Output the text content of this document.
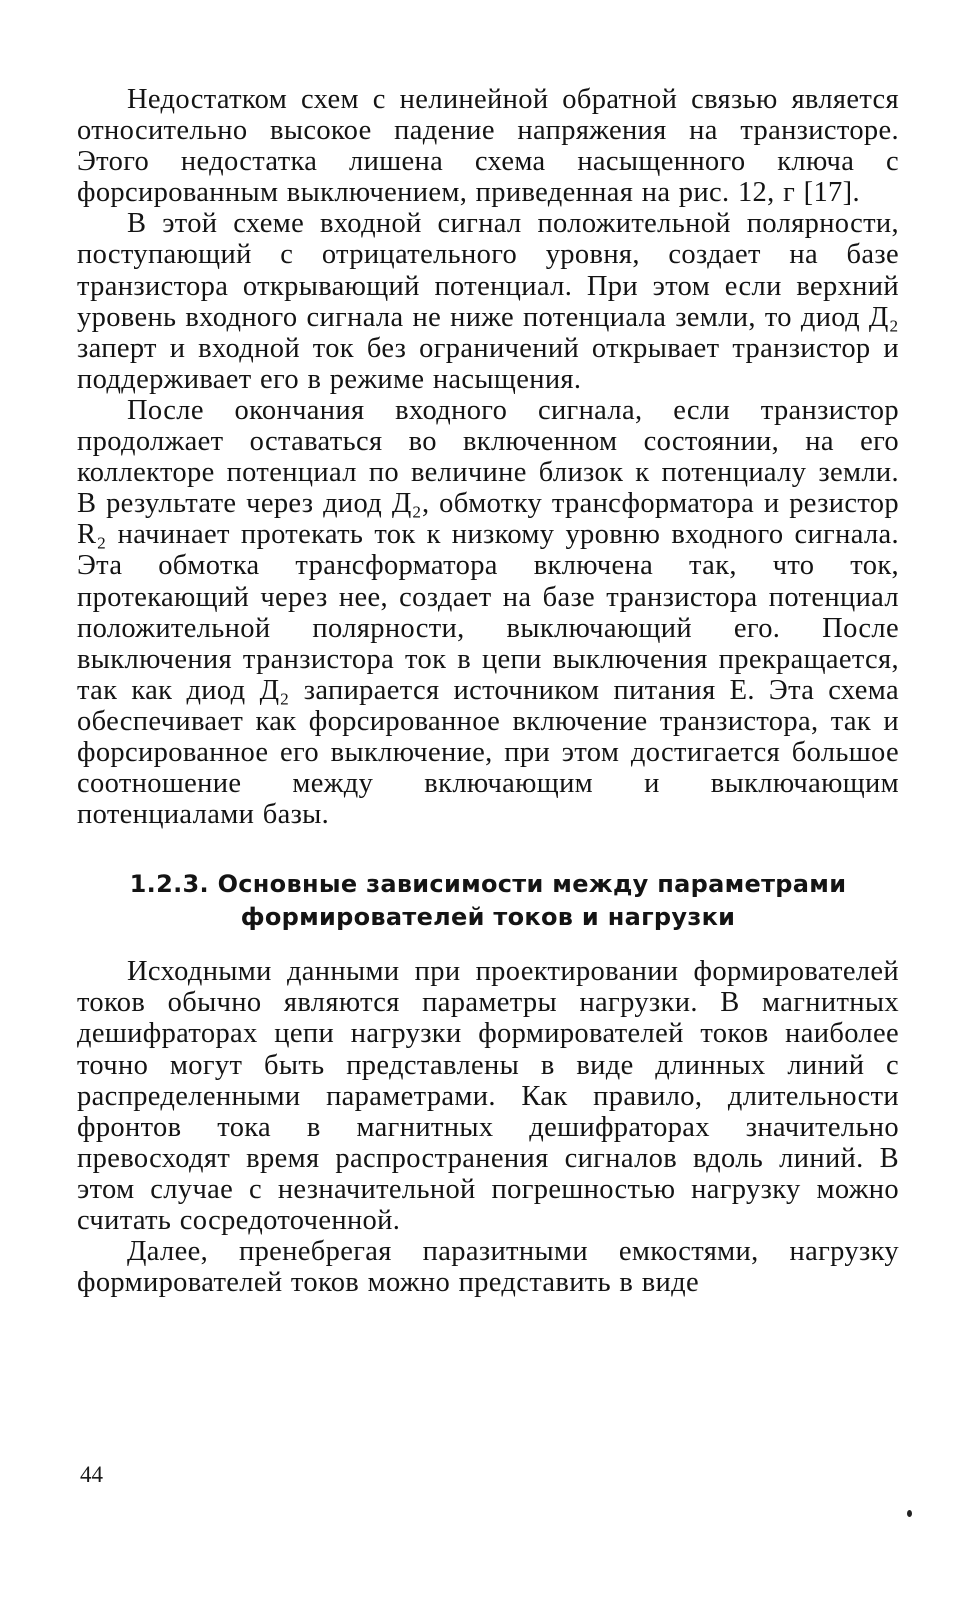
Недостатком схем с нелинейной обратной связью является относительно высокое падение напряжения на транзисторе. Этого недостатка лишена схема насыщенного ключа с форсированным выключением, приведенная на рис. 12, г [17].

В этой схеме входной сигнал положительной полярности, поступающий с отрицательного уровня, создает на базе транзистора открывающий потенциал. При этом если верхний уровень входного сигнала не ниже потенциала земли, то диод Д₂ заперт и входной ток без ограничений открывает транзистор и поддерживает его в режиме насыщения.

После окончания входного сигнала, если транзистор продолжает оставаться во включенном состоянии, на его коллекторе потенциал по величине близок к потенциалу земли. В результате через диод Д₂, обмотку трансформатора и резистор R₂ начинает протекать ток к низкому уровню входного сигнала. Эта обмотка трансформатора включена так, что ток, протекающий через нее, создает на базе транзистора потенциал положительной полярности, выключающий его. После выключения транзистора ток в цепи выключения прекращается, так как диод Д₂ запирается источником питания E. Эта схема обеспечивает как форсированное включение транзистора, так и форсированное его выключение, при этом достигается большое соотношение между включающим и выключающим потенциалами базы.

1.2.3. Основные зависимости между параметрами
формирователей токов и нагрузки

Исходными данными при проектировании формирователей токов обычно являются параметры нагрузки. В магнитных дешифраторах цепи нагрузки формирователей токов наиболее точно могут быть представлены в виде длинных линий с распределенными параметрами. Как правило, длительности фронтов тока в магнитных дешифраторах значительно превосходят время распространения сигналов вдоль линий. В этом случае с незначительной погрешностью нагрузку можно считать сосредоточенной.

Далее, пренебрегая паразитными емкостями, нагрузку формирователей токов можно представить в виде

44
